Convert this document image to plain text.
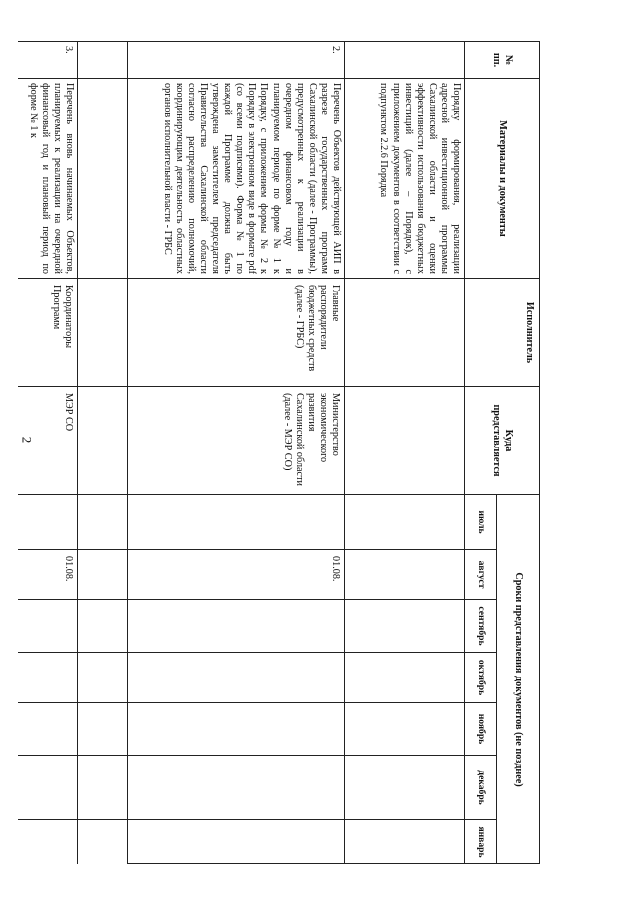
2
№
пп.
Материалы и документы
Исполнитель
Куда
представляется
Сроки представления документов (не позднее)
июль
август
сентябрь
октябрь
ноябрь
декабрь
январь
Порядку формирования, реализации адресной инвестиционной программы Сахалинской области и оценки эффективности использования бюджетных инвестиций (далее – Порядок), с приложением документов в соответствии с подпунктом 2.2.6 Порядка
2.
Перечень Объектов действующей АИП в разрезе государственных программ Сахалинской области (далее - Программы), предусмотренных к реализации в очередном финансовом году и планируемом периоде по форме № 1 к Порядку, с приложением формы № 2 к Порядку в электронном виде в формате pdf (со всеми подписями). Форма № 1 по каждой Программе должна быть утверждена заместителем председателя Правительства Сахалинской области согласно распределению полномочий, координирующим деятельность областных органов исполнительной власти - ГРБС
Главные распорядители бюджетных средств (далее - ГРБС)
Министерство экономического развития Сахалинской области (далее - МЭР СО)
01.08.
3.
Перечень вновь начинаемых Объектов, планируемых к реализации на очередной финансовый год и плановый период по форме № 1 к
Координаторы Программ
МЭР СО
01.08.
